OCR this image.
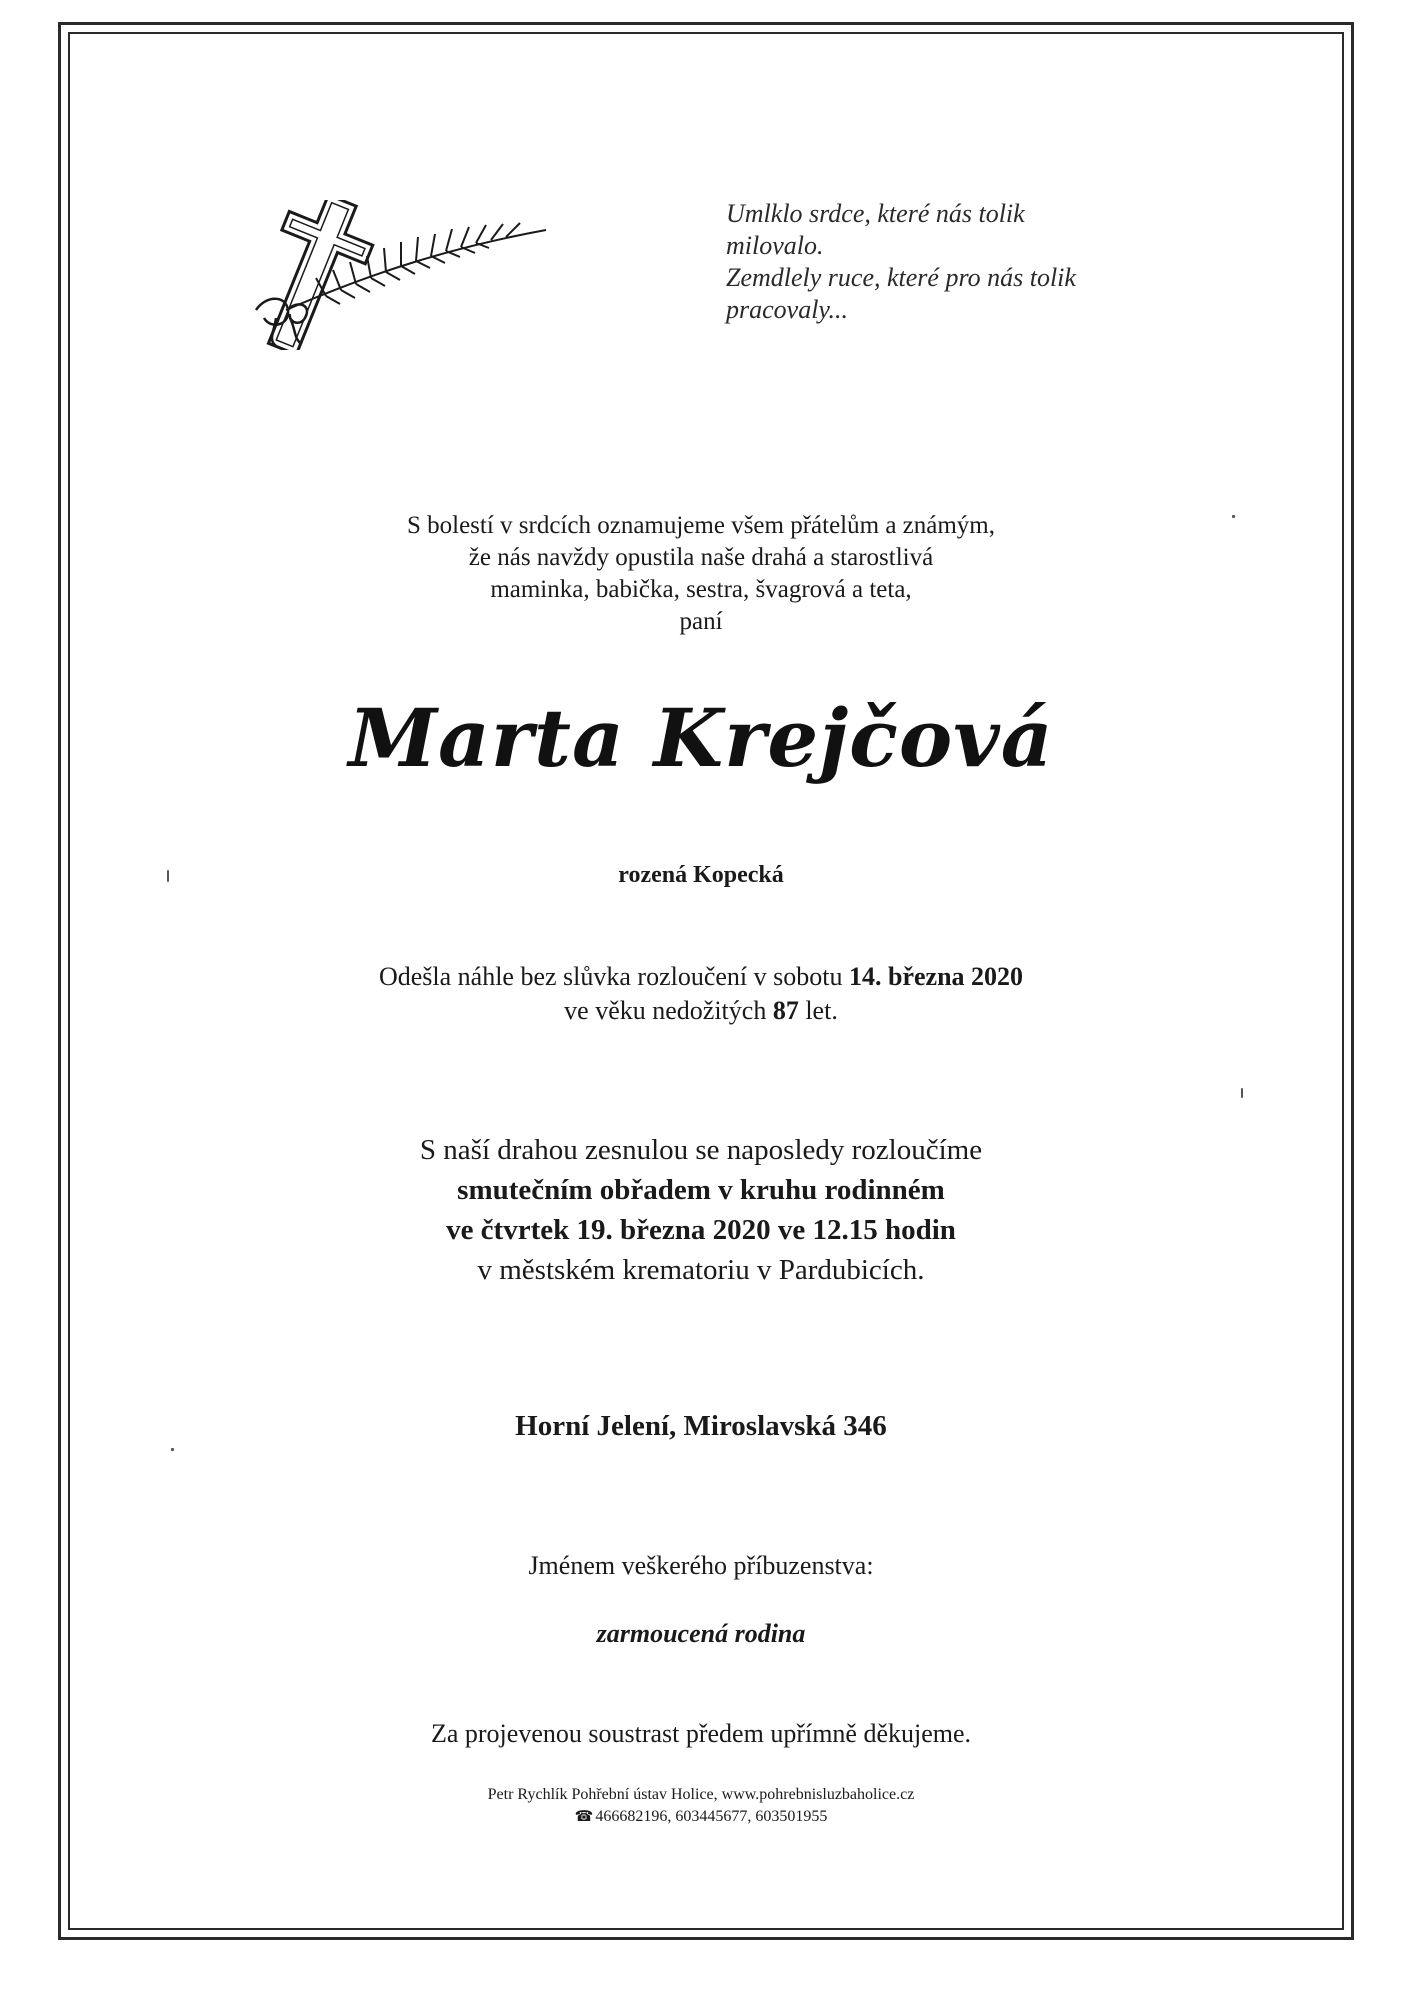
Umlklo srdce, které nás tolik
milovalo.
Zemdlely ruce, které pro nás tolik
pracovaly...
S bolestí v srdcích oznamujeme všem přátelům a známým,
že nás navždy opustila naše drahá a starostlivá
maminka, babička, sestra, švagrová a teta,
paní
Marta Krejčová
rozená Kopecká
Odešla náhle bez slůvka rozloučení v sobotu 14. března 2020
ve věku nedožitých 87 let.
S naší drahou zesnulou se naposledy rozloučíme
smutečním obřadem v kruhu rodinném
ve čtvrtek 19. března 2020 ve 12.15 hodin
v městském krematoriu v Pardubicích.
Horní Jelení, Miroslavská 346
Jménem veškerého příbuzenstva:
zarmoucená rodina
Za projevenou soustrast předem upřímně děkujeme.
Petr Rychlík Pohřební ústav Holice, www.pohrebnisluzbaholice.cz
☎ 466682196, 603445677, 603501955
